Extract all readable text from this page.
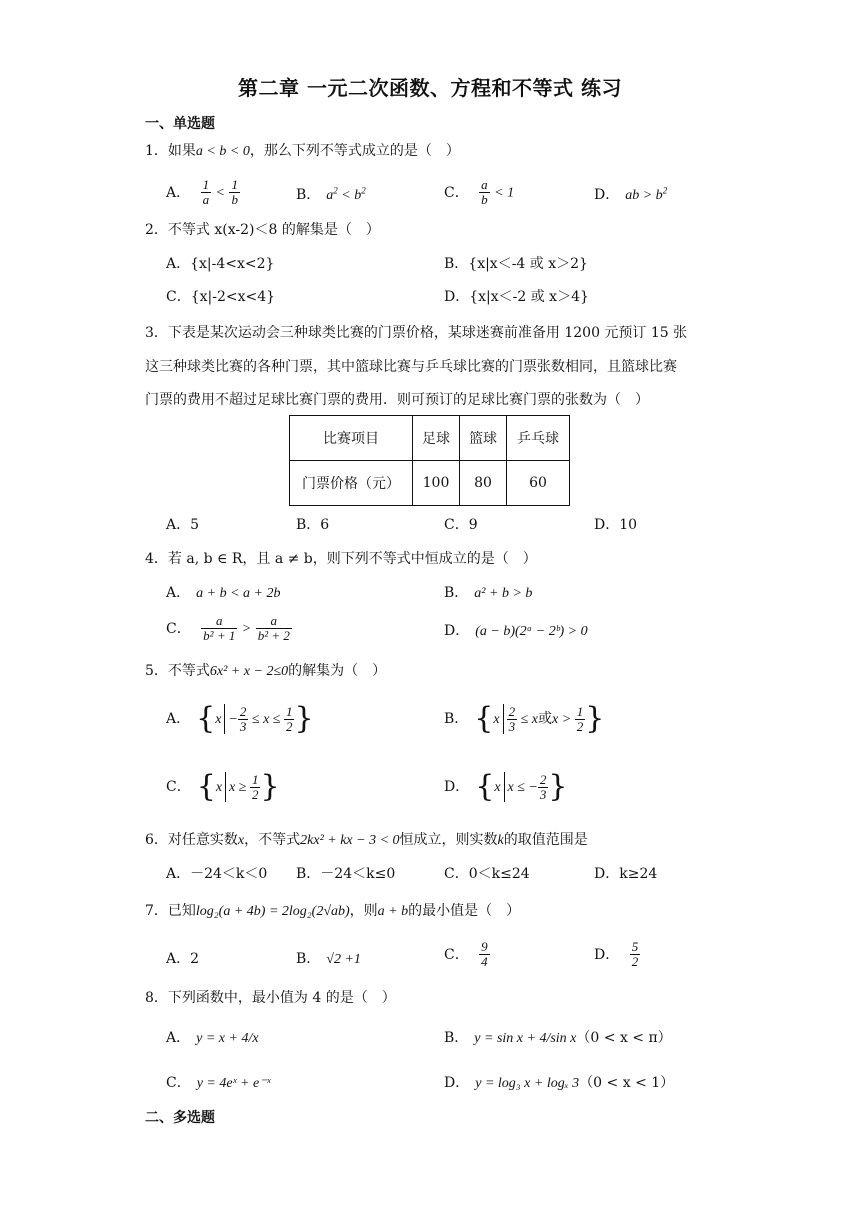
第二章 一元二次函数、方程和不等式 练习
一、单选题
1．如果a < b < 0，那么下列不等式成立的是（　）
A． $\frac{1}{a} < \frac{1}{b}$	B． $a^2 < b^2$	C． $\frac{a}{b} < 1$	D． ab > $b^2$
2．不等式 x(x-2)＜8 的解集是（　）
A．{x|-4<x<2}	B．{x|x＜-4 或 x＞2}
C．{x|-2<x<4}	D．{x|x＜-2 或 x＞4}
3．下表是某次运动会三种球类比赛的门票价格，某球迷赛前准备用 1200 元预订 15 张
这三种球类比赛的各种门票，其中篮球比赛与乒乓球比赛的门票张数相同，且篮球比赛
门票的费用不超过足球比赛门票的费用．则可预订的足球比赛门票的张数为（　）
比赛项目	足球	篮球	乒乓球
门票价格（元）	100	80	60
A．5	B．6	C．9	D．10
4．若 a, b ∈ R，且 a ≠ b，则下列不等式中恒成立的是（　）
A． a + b < a + 2b	B． a² + b > b
C． $\frac{a}{\text{b² + 1}} > \frac{a}{\text{b² + 2}}$	D． (a − b)(2ᵃ − 2ᵇ) > 0
5．不等式6x² + x − 2≤0的解集为（　）
A． {$x - \frac{2}{3} \le x \le \frac{1}{2}$ }	B． {$x \frac{2}{3} \le x$或$x > \frac{1}{2}$ }
C． {x $x \ge \frac{1}{2}$ }	D． {x x ≤ − $\frac{2}{3}$ }
6．对任意实数x，不等式2kx² + kx − 3 < 0恒成立，则实数k的取值范围是
A．－24＜k＜0 B．－24＜k≤0	C．0＜k≤24	D．k≥24
7．已知log₂(a + 4b) = 2log₂(2√ab)，则a + b的最小值是（　）
A．2	B． √2 +1	C． $\frac{9}{4}$	D． $\frac{5}{2}$
8．下列函数中，最小值为 4 的是（　）
A． y = x + 4/x	B． y = sin x + 4/sin x（0 < x < π）
C． y = 4eˣ + e⁻ˣ	D． y = log₃ x + logₓ 3（0 < x < 1）
二、多选题
